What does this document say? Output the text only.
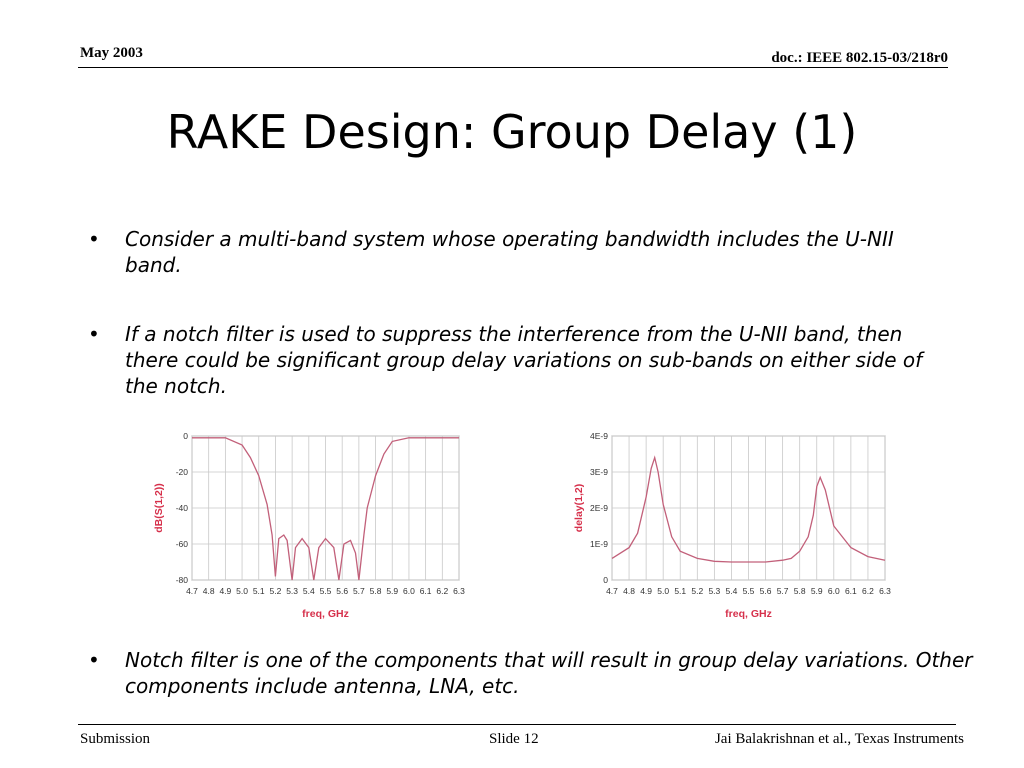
May 2003	doc.: IEEE 802.15-03/218r0
RAKE Design: Group Delay (1)
• Consider a multi-band system whose operating bandwidth includes the U-NII band.
• If a notch filter is used to suppress the interference from the U-NII band, then there could be significant group delay variations on sub-bands on either side of the notch.
4.7 4.8 4.9 5.0 5.1 5.2 5.3 5.4 5.5 5.6 5.7 5.8 5.9 6.0 6.1 6.2 6.3
0
-20
-40
-60
-80
freq, GHz
dB(S(1,2))
4.7 4.8 4.9 5.0 5.1 5.2 5.3 5.4 5.5 5.6 5.7 5.8 5.9 6.0 6.1 6.2 6.3
4E-9
3E-9
2E-9
1E-9
0
freq, GHz
delay(1,2)
• Notch filter is one of the components that will result in group delay variations. Other components include antenna, LNA, etc.
Submission	Slide 12	Jai Balakrishnan et al., Texas Instruments
